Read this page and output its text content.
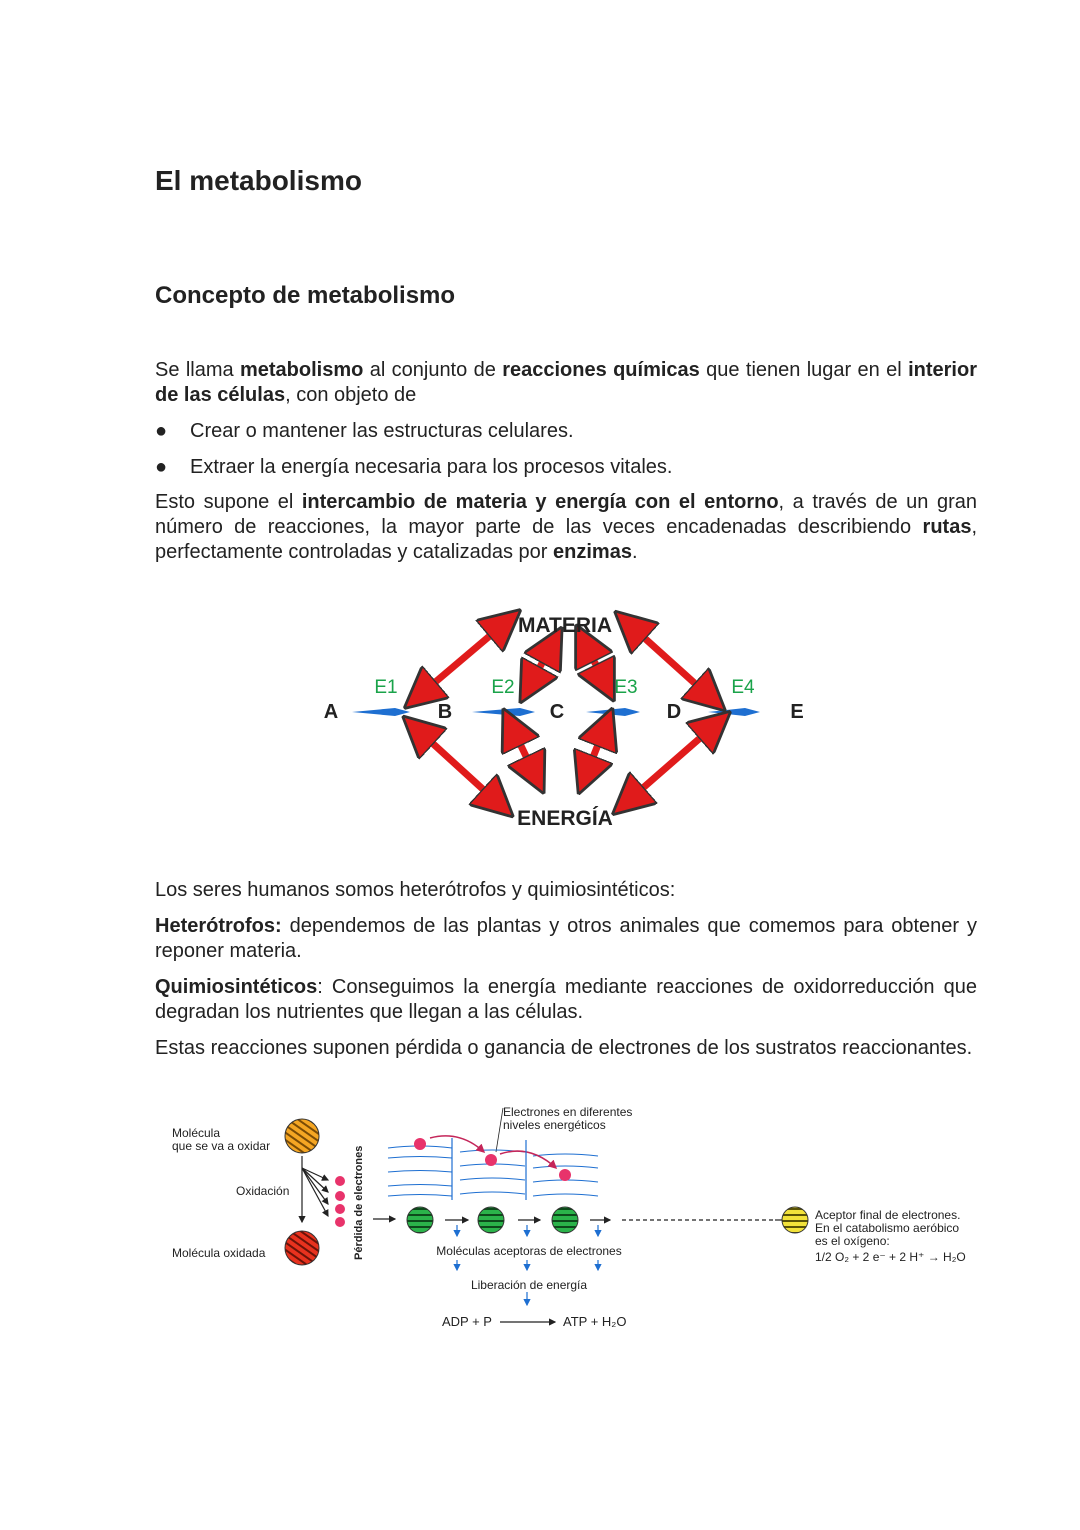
El metabolismo
Concepto de metabolismo

Se llama metabolismo al conjunto de reacciones químicas que tienen lugar en el interior de las células, con objeto de

● Crear o mantener las estructuras celulares.

● Extraer la energía necesaria para los procesos vitales.

Esto supone el intercambio de materia y energía con el entorno, a través de un gran número de reacciones, la mayor parte de las veces encadenadas describiendo rutas, perfectamente controladas y catalizadas por enzimas.

MATERIA
ENERGÍA
A	B	C	D	E
E1	E2	E3	E4

Los seres humanos somos heterótrofos y quimiosintéticos:

Heterótrofos: dependemos de las plantas y otros animales que comemos para obtener y reponer materia.

Quimiosintéticos: Conseguimos la energía mediante reacciones de oxidorreducción que degradan los nutrientes que llegan a las células.

Estas reacciones suponen pérdida o ganancia de electrones de los sustratos reaccionantes.

Molécula
que se va a oxidar
Oxidación
Molécula oxidada	Pérdida de electrones
Electrones en diferentes
niveles energéticos
Moléculas aceptoras de electrones
Liberación de energía
ADP + P	ATP + H₂O
Aceptor final de electrones.
En el catabolismo aeróbico
es el oxígeno:
1/2 O₂ + 2 e⁻ + 2 H⁺ → H₂O
